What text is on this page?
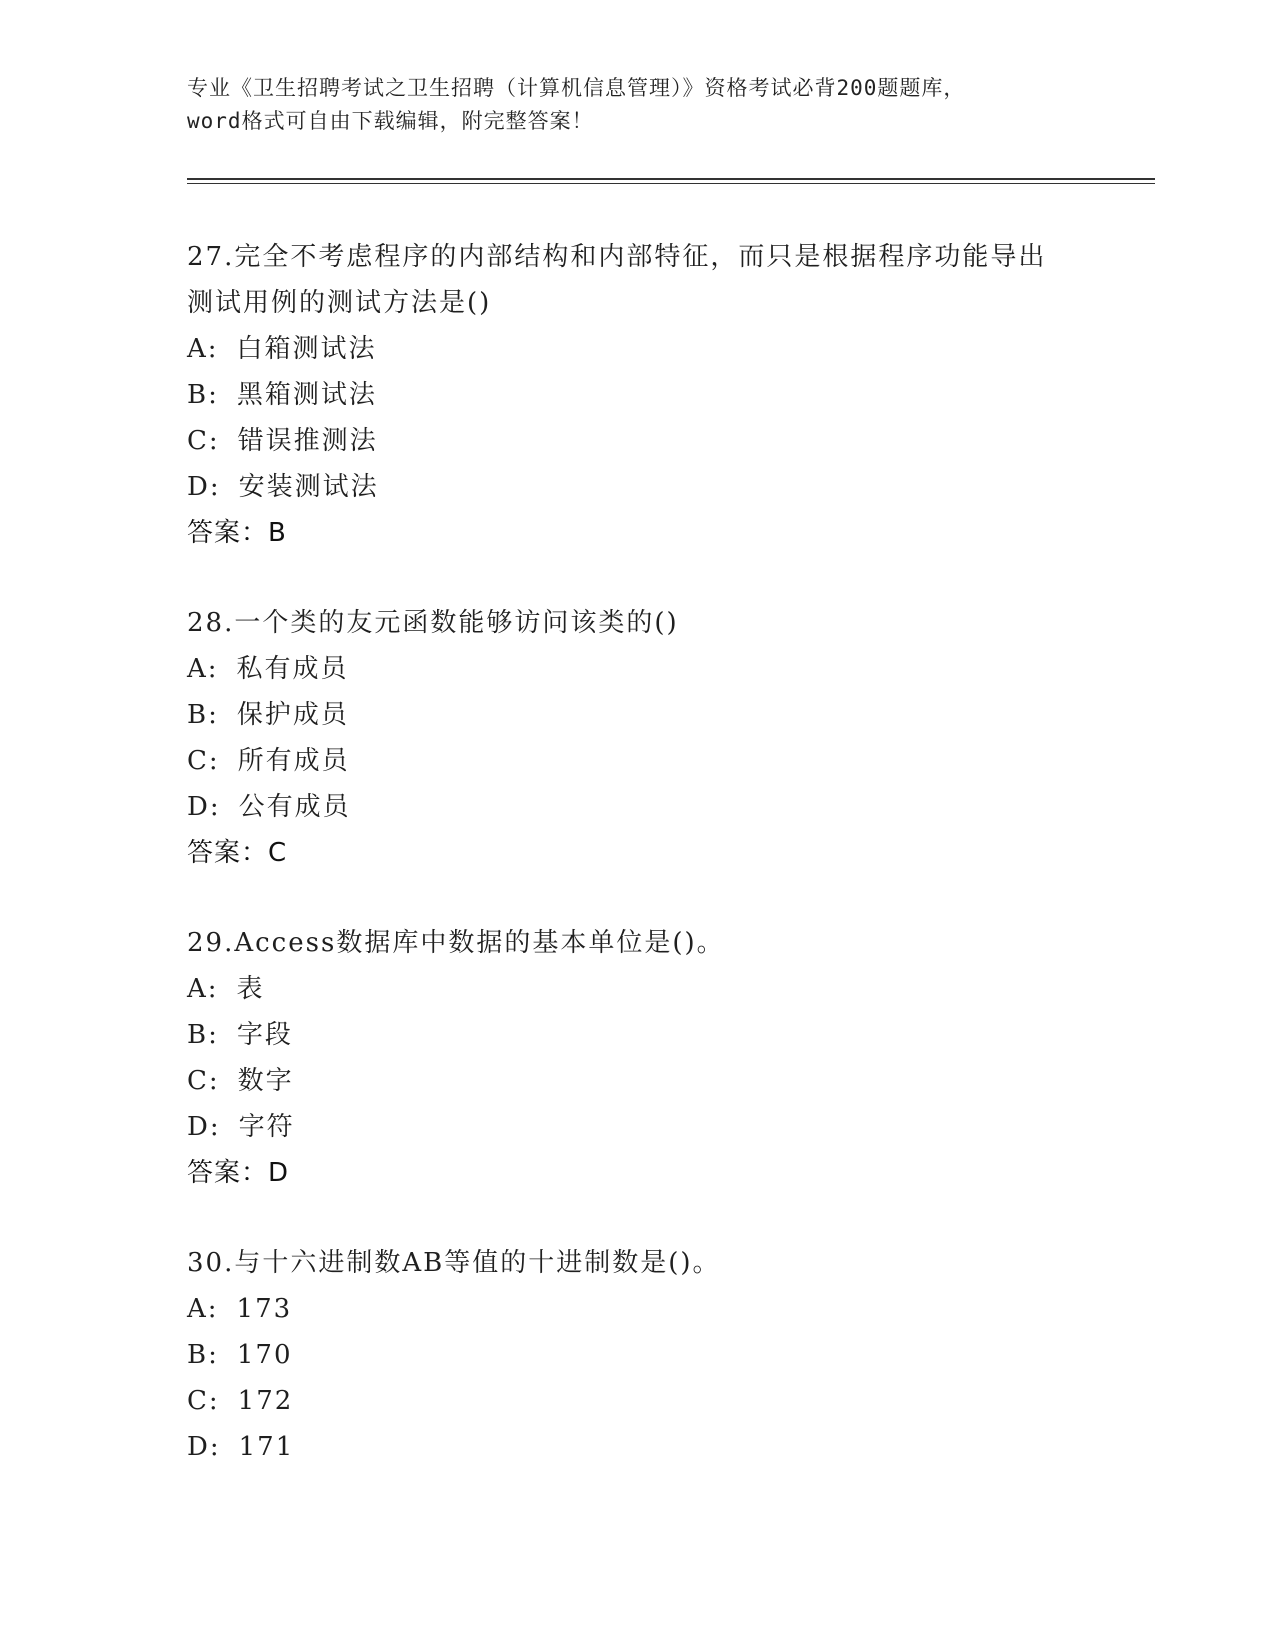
专业《卫生招聘考试之卫生招聘（计算机信息管理）》资格考试必背200题题库，
word格式可自由下载编辑，附完整答案！
27.完全不考虑程序的内部结构和内部特征，而只是根据程序功能导出
测试用例的测试方法是()
A: 白箱测试法
B: 黑箱测试法
C: 错误推测法
D: 安装测试法
答案：B
28.一个类的友元函数能够访问该类的()
A: 私有成员
B: 保护成员
C: 所有成员
D: 公有成员
答案：C
29.Access数据库中数据的基本单位是()。
A: 表
B: 字段
C: 数字
D: 字符
答案：D
30.与十六进制数AB等值的十进制数是()。
A: 173
B: 170
C: 172
D: 171
